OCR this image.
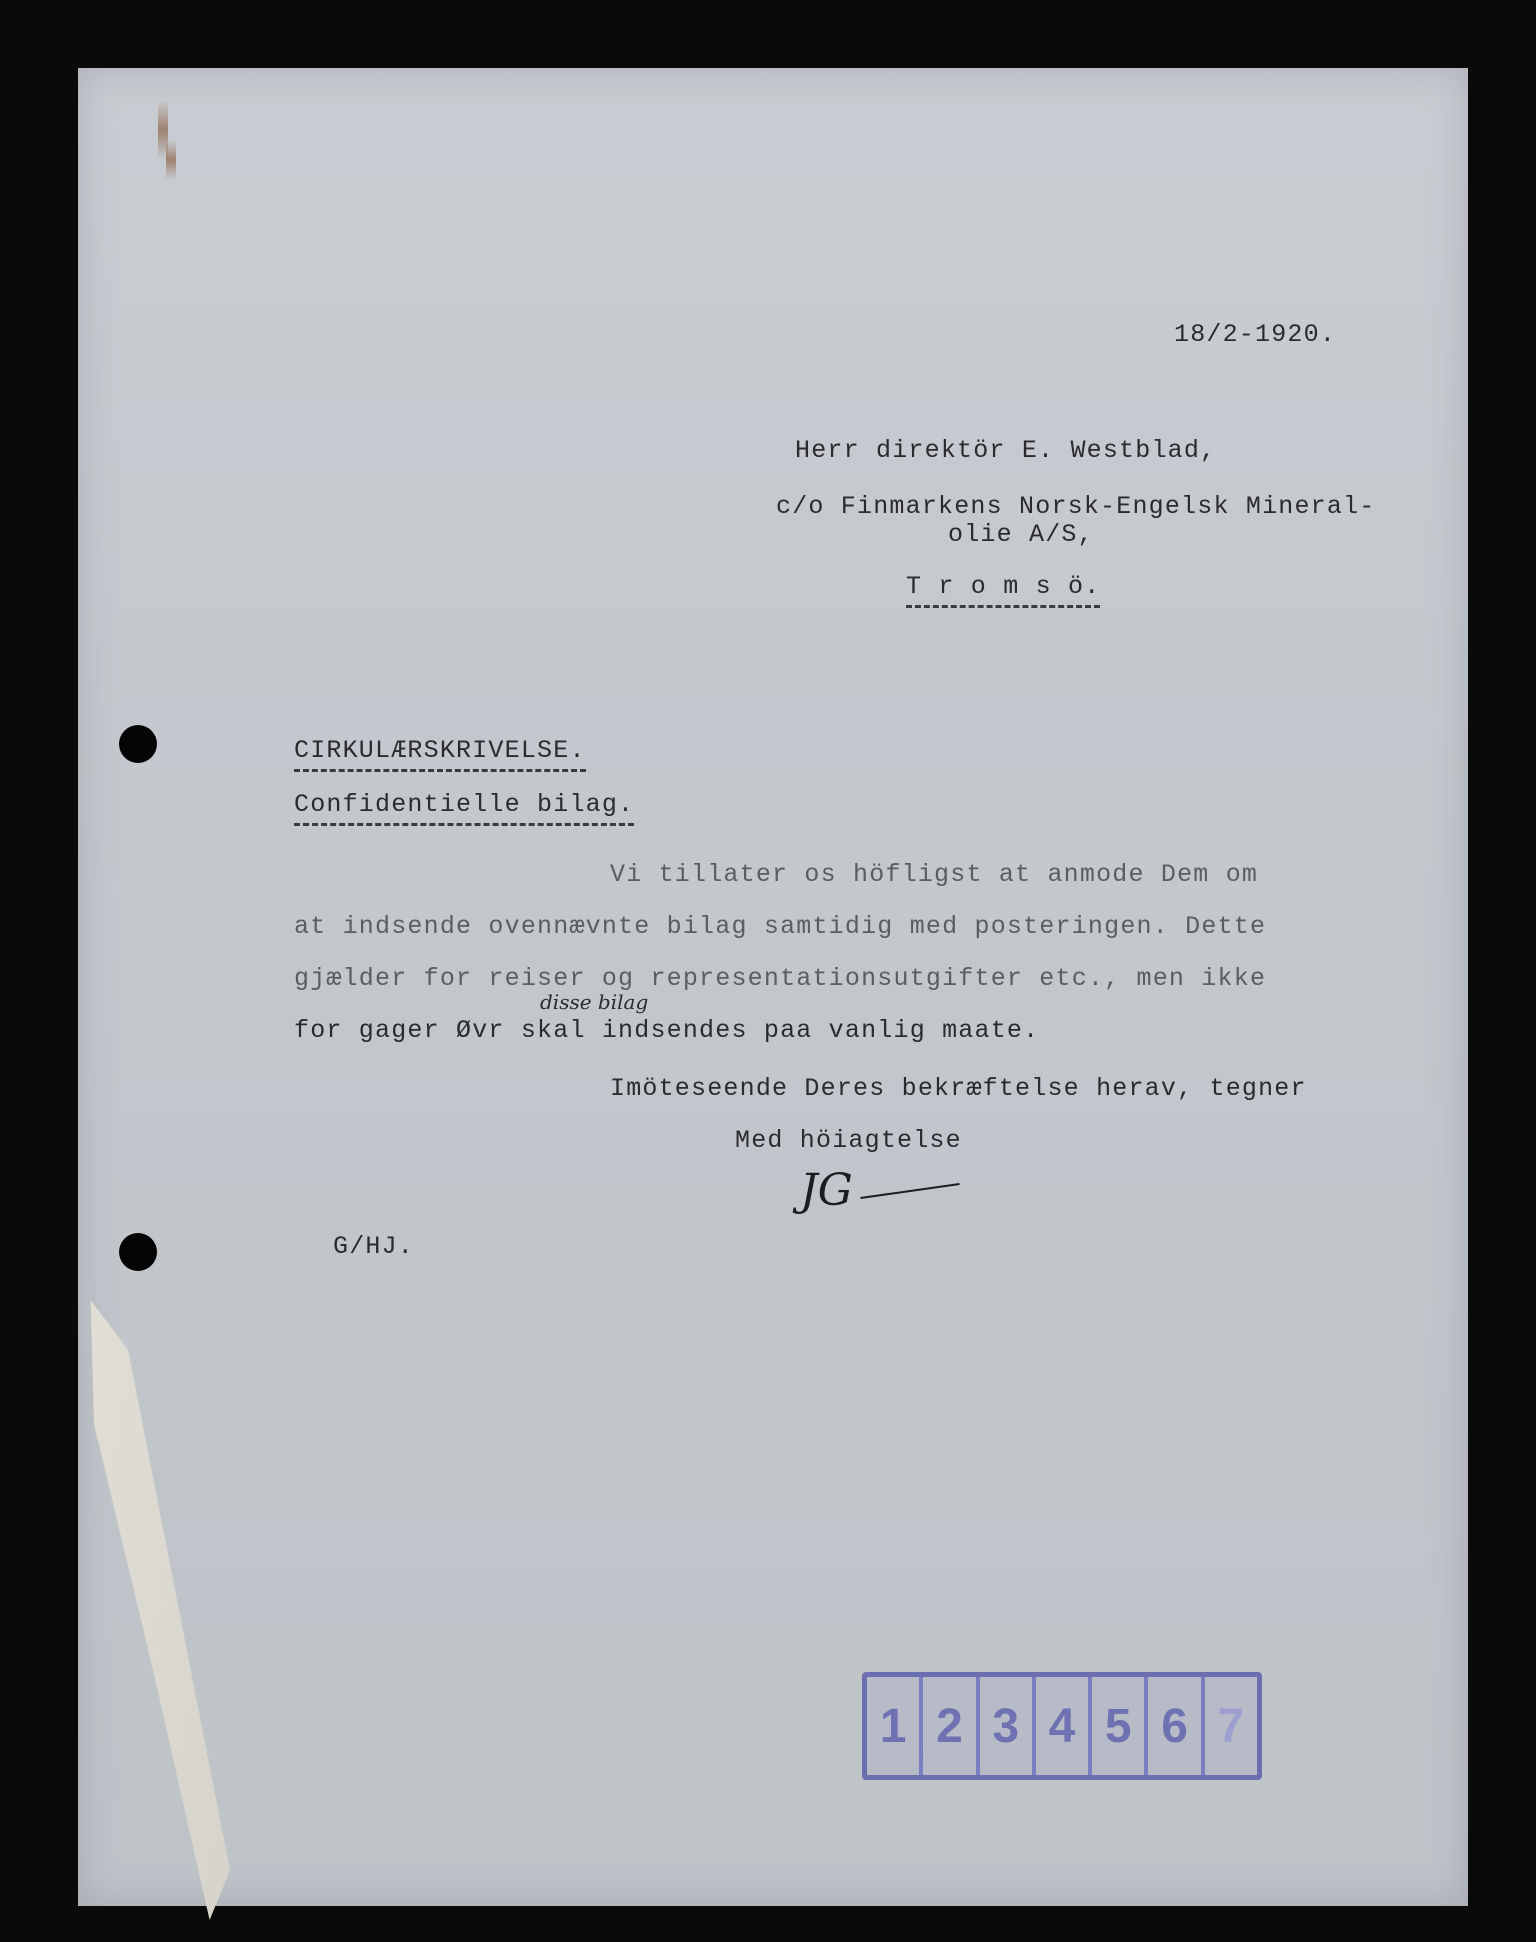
18/2-1920.
Herr direktör E. Westblad,
c/o Finmarkens Norsk-Engelsk Mineral-
olie A/S,
T r o m s ö.
CIRKULÆRSKRIVELSE.
Confidentielle bilag.
Vi tillater os höfligst at anmode Dem om
at indsende ovennævnte bilag samtidig med posteringen. Dette
gjælder for reiser og representationsutgifter etc., men ikke
for gager Øvr skal indsendes paa vanlig maate.
disse bilag
Imöteseende Deres bekræftelse herav, tegner
Med höiagtelse
JG
G/HJ.
1 2 3 4 5 6 7
